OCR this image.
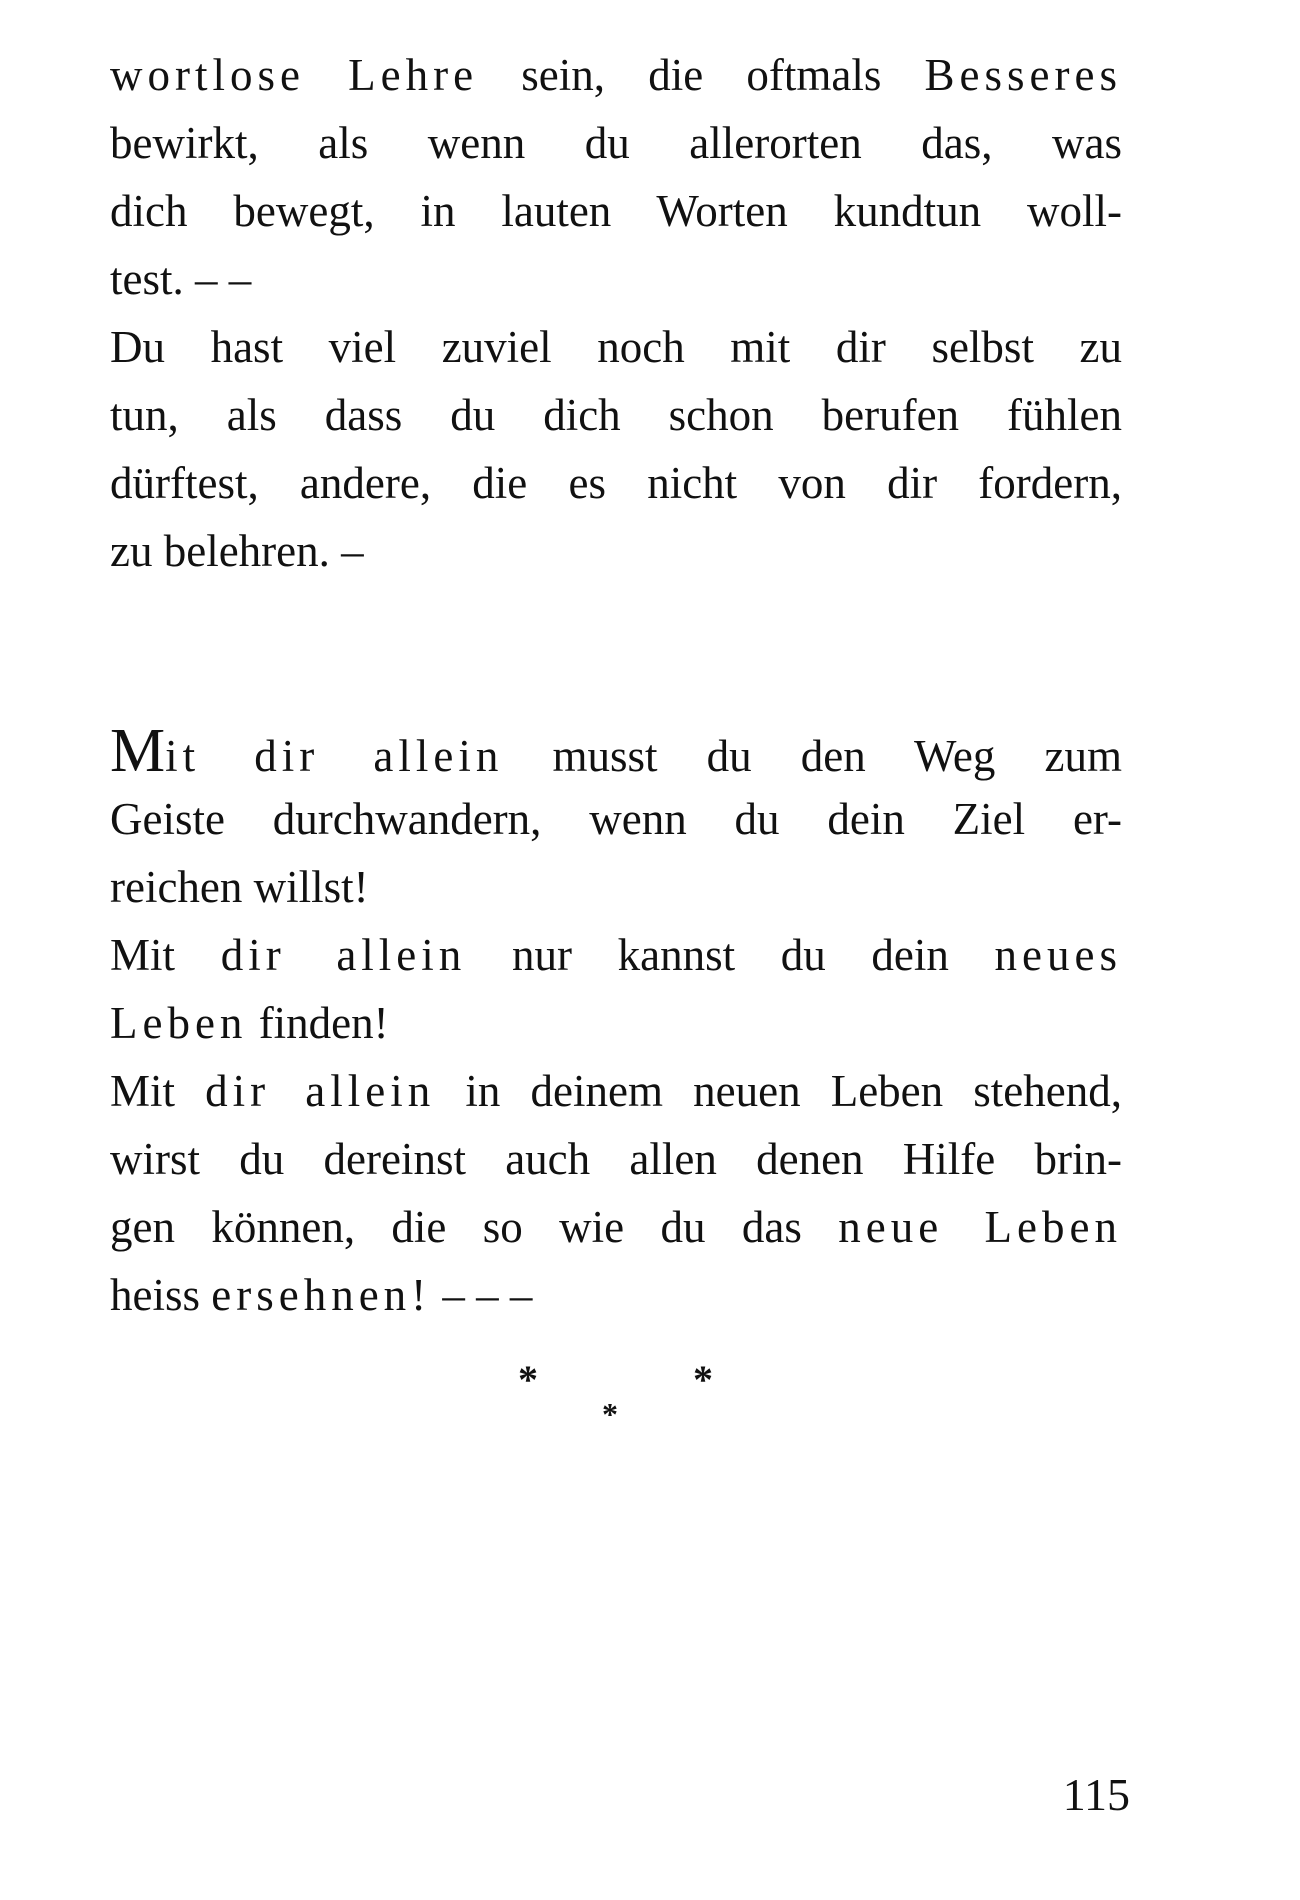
wortlose Lehre sein, die oftmals Besseres
bewirkt, als wenn du allerorten das, was
dich bewegt, in lauten Worten kundtun woll-
test. – –
Du hast viel zuviel noch mit dir selbst zu
tun, als dass du dich schon berufen fühlen
dürftest, andere, die es nicht von dir fordern,
zu belehren. –
Mit dir allein musst du den Weg zum
Geiste durchwandern, wenn du dein Ziel er-
reichen willst!
Mit dir allein nur kannst du dein neues
Leben finden!
Mit dir allein in deinem neuen Leben stehend,
wirst du dereinst auch allen denen Hilfe brin-
gen können, die so wie du das neue Leben
heiss ersehnen! – – –
*	*
*
115
